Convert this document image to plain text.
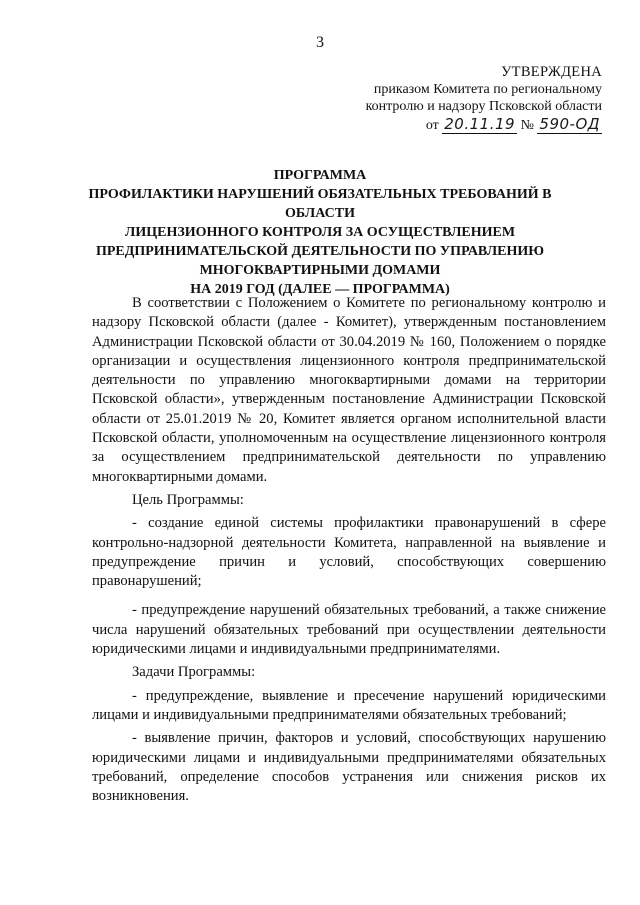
3
УТВЕРЖДЕНА
приказом Комитета по региональному
контролю и надзору Псковской области
от 20.11.19 № 590-ОД
ПРОГРАММА
ПРОФИЛАКТИКИ НАРУШЕНИЙ ОБЯЗАТЕЛЬНЫХ ТРЕБОВАНИЙ В ОБЛАСТИ
ЛИЦЕНЗИОННОГО КОНТРОЛЯ ЗА ОСУЩЕСТВЛЕНИЕМ
ПРЕДПРИНИМАТЕЛЬСКОЙ ДЕЯТЕЛЬНОСТИ ПО УПРАВЛЕНИЮ
МНОГОКВАРТИРНЫМИ ДОМАМИ
НА 2019 ГОД (ДАЛЕЕ — ПРОГРАММА)

В соответствии с Положением о Комитете по региональному контролю и надзору Псковской области (далее - Комитет), утвержденным постановлением Администрации Псковской области от 30.04.2019 № 160, Положением о порядке организации и осуществления лицензионного контроля предпринимательской деятельности по управлению многоквартирными домами на территории Псковской области», утвержденным постановление Администрации Псковской области от 25.01.2019 № 20, Комитет является органом исполнительной власти Псковской области, уполномоченным на осуществление лицензионного контроля за осуществлением предпринимательской деятельности по управлению многоквартирными домами.

Цель Программы:

- создание единой системы профилактики правонарушений в сфере контрольно-надзорной деятельности Комитета, направленной на выявление и предупреждение причин и условий, способствующих совершению правонарушений;

- предупреждение нарушений обязательных требований, а также снижение числа нарушений обязательных требований при осуществлении деятельности юридическими лицами и индивидуальными предпринимателями.

Задачи Программы:

- предупреждение, выявление и пресечение нарушений юридическими лицами и индивидуальными предпринимателями обязательных требований;

- выявление причин, факторов и условий, способствующих нарушению юридическими лицами и индивидуальными предпринимателями обязательных требований, определение способов устранения или снижения рисков их возникновения.
